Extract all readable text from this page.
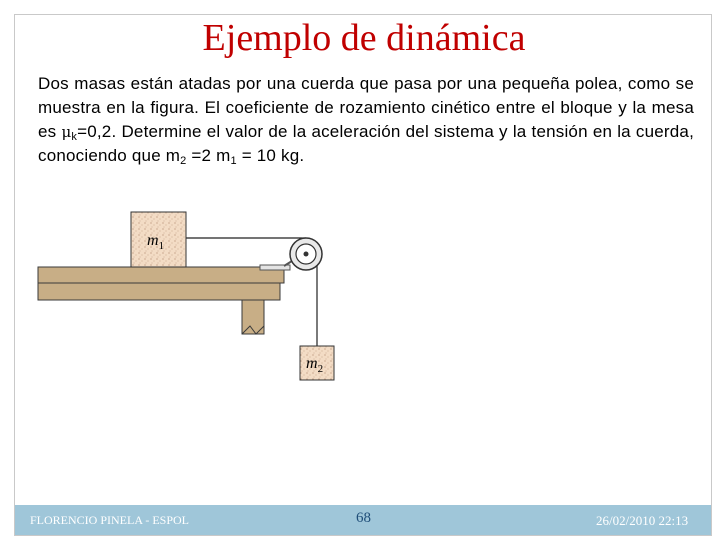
Ejemplo de dinámica
Dos masas están atadas por una cuerda que pasa por una pequeña polea, como se muestra en la figura. El coeficiente de rozamiento cinético entre el bloque y la mesa es $\mu_k=0,2$. Determine el valor de la aceleración del sistema y la tensión en la cuerda, conociendo que $m_2 =2$ $m_1 = 10$ kg.
$m_1$
$m_2$
FLORENCIO PINELA - ESPOL	68	26/02/2010 22:13
